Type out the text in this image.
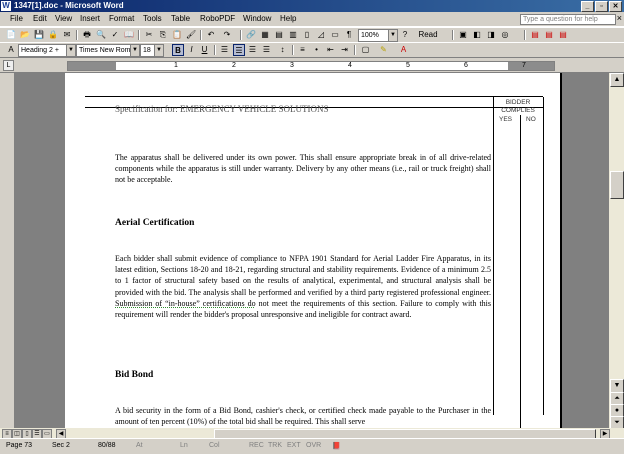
W 1347[1].doc - Microsoft Word	_	▫	✕
File Edit View Insert Format Tools Table RoboPDF Window Help	Type a question for help	×
📄 📂 💾 🔒 ✉ 🖶 🔍 ✓ 📖 ✂ ⎘ 📋 🖌 ↶ ↷ 🔗 ▦ ▤ ▥	▯	◿ ▭	¶	100%	▼ ?	Read	▣ ◧ ◨ ◎	▤ ▤ ▤
A	Heading 2 +	▼ Times New Rom ▼ 18 ▼	B	I	U	☰ ☰ ☰ ☰	↕	≡	•	⇤ ⇥ ▢ ✎	A
L	1	2	3	4	5	6	7
Specification for: EMERGENCY VEHICLE SOLUTIONS
BIDDER
COMPLIES
YES NO
The apparatus shall be delivered under its own power. This shall ensure appropriate break in of all drive-related components while the apparatus is still under warranty. Delivery by any other means (i.e., rail or truck freight) shall not be acceptable.
Aerial Certification
Each bidder shall submit evidence of compliance to NFPA 1901 Standard for Aerial Ladder Fire Apparatus, in its latest edition, Sections 18-20 and 18-21, regarding structural and stability requirements. Evidence of a minimum 2.5 to 1 factor of structural safety based on the results of analytical, experimental, and structural analysis shall be provided with the bid. The analysis shall be performed and verified by a third party registered professional engineer. Submission of “in-house” certifications do not meet the requirements of this section. Failure to comply with this requirement will render the bidder's proposal unresponsive and ineligible for contract award.
Bid Bond
A bid security in the form of a Bid Bond, cashier's check, or certified check made payable to the Purchaser in the amount of ten percent (10%) of the total bid shall be required. This shall serve
▲
▼
⏶
●
⏷
≡ ◫ ▯ ☰ ▭	◀	▶
Page 73	Sec 2	80/88	At	Ln	Col	REC TRK EXT OVR 📕
